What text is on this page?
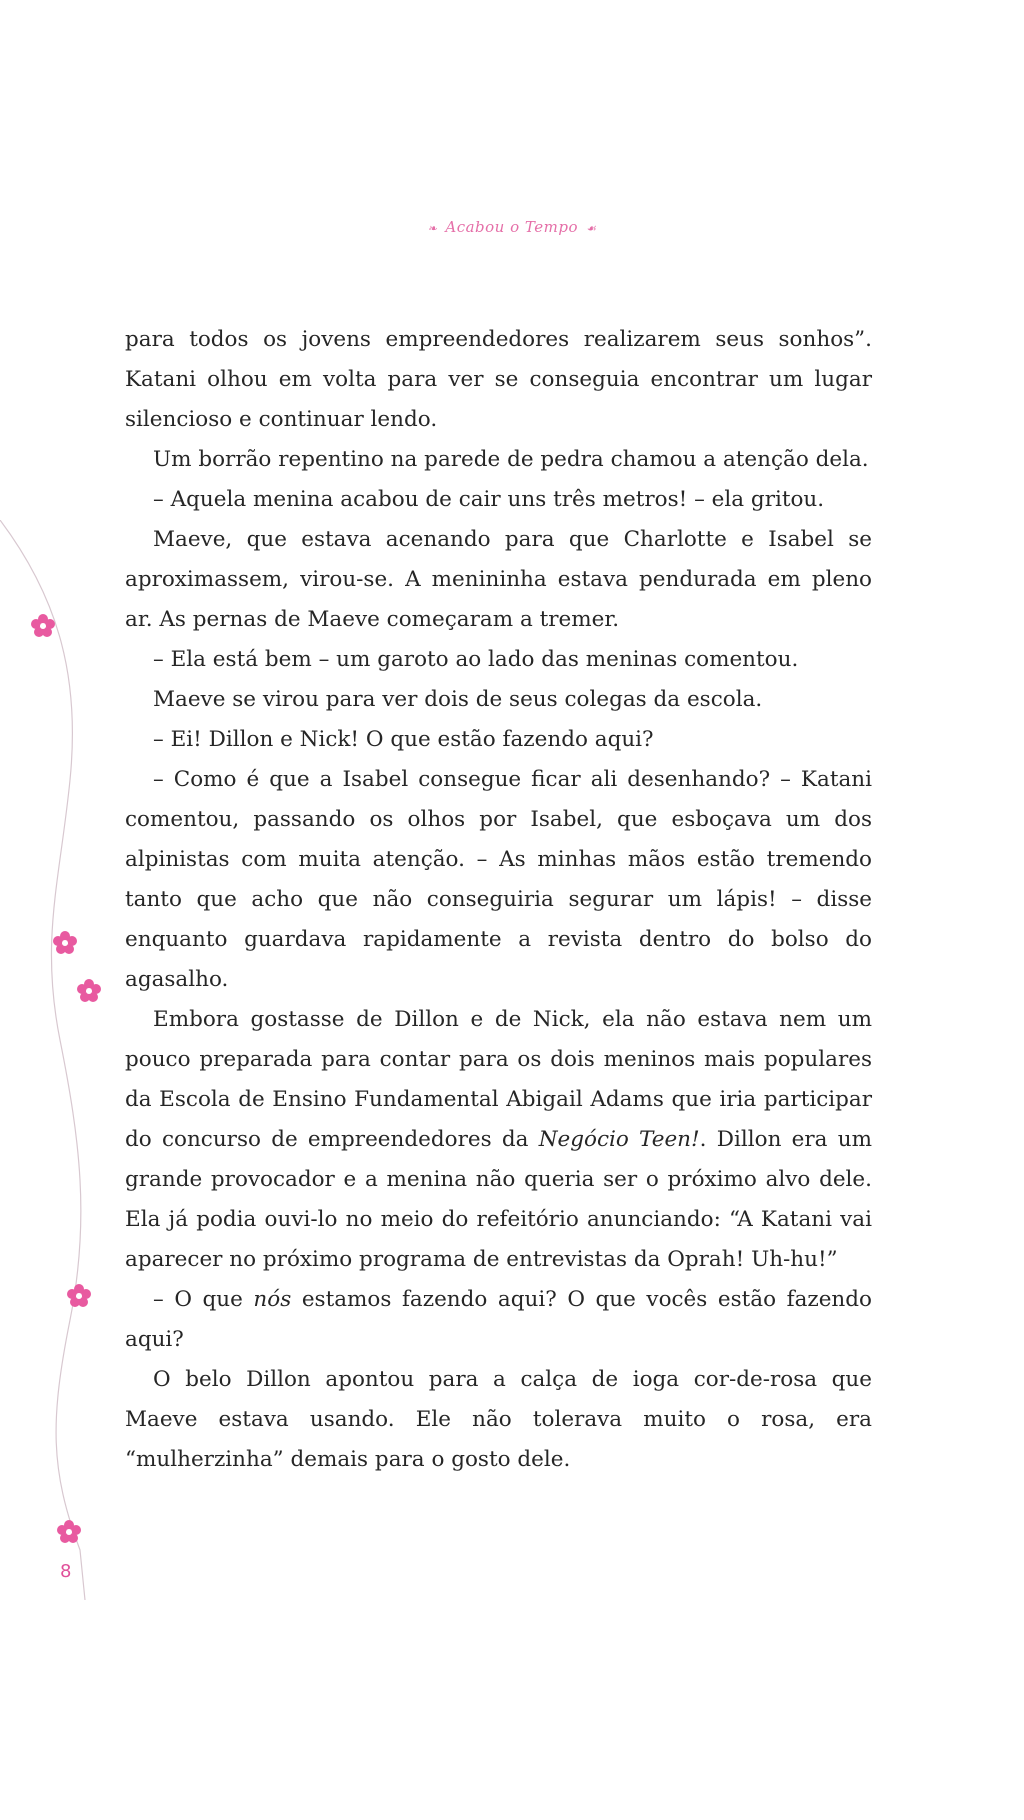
❧ Acabou o Tempo ☙

para todos os jovens empreendedores realizarem seus sonhos”. Katani olhou em volta para ver se conseguia encontrar um lugar silencioso e continuar lendo.

Um borrão repentino na parede de pedra chamou a atenção dela.

– Aquela menina acabou de cair uns três metros! – ela gritou.

Maeve, que estava acenando para que Charlotte e Isabel se aproximassem, virou-se. A menininha estava pendurada em pleno ar. As pernas de Maeve começaram a tremer.

– Ela está bem – um garoto ao lado das meninas comentou.

Maeve se virou para ver dois de seus colegas da escola.

– Ei! Dillon e Nick! O que estão fazendo aqui?

– Como é que a Isabel consegue ficar ali desenhando? – Katani comentou, passando os olhos por Isabel, que esboçava um dos alpinistas com muita atenção. – As minhas mãos estão tremendo tanto que acho que não conseguiria segurar um lápis! – disse enquanto guardava rapidamente a revista dentro do bolso do agasalho.

Embora gostasse de Dillon e de Nick, ela não estava nem um pouco preparada para contar para os dois meninos mais populares da Escola de Ensino Fundamental Abigail Adams que iria participar do concurso de empreendedores da Negócio Teen!. Dillon era um grande provocador e a menina não queria ser o próximo alvo dele. Ela já podia ouvi-lo no meio do refeitório anunciando: “A Katani vai aparecer no próximo programa de entrevistas da Oprah! Uh-hu!”

– O que nós estamos fazendo aqui? O que vocês estão fazendo aqui?

O belo Dillon apontou para a calça de ioga cor-de-rosa que Maeve estava usando. Ele não tolerava muito o rosa, era “mulherzinha” demais para o gosto dele.

8
